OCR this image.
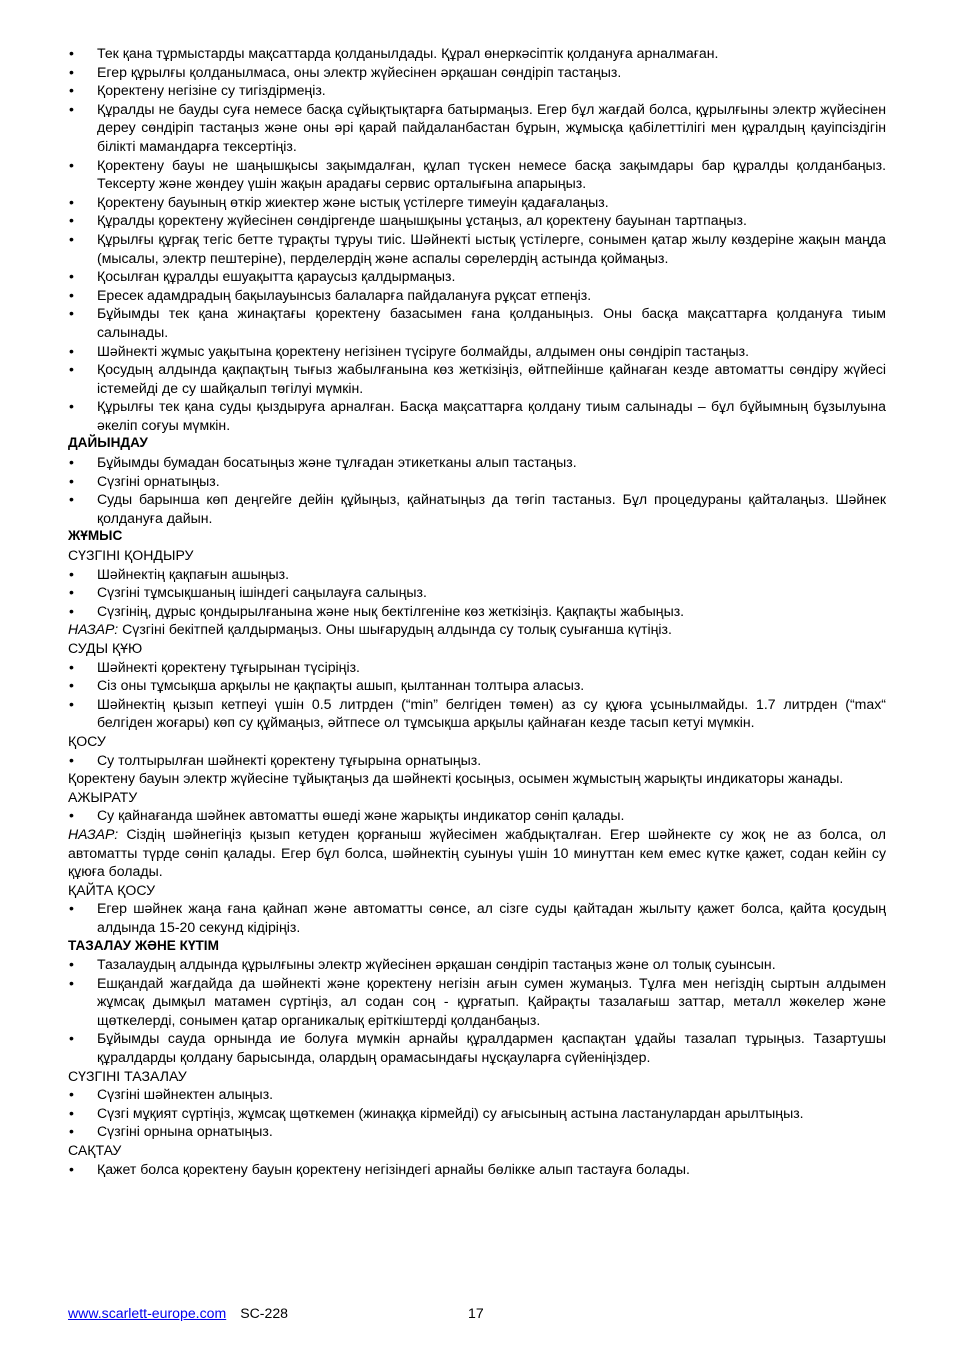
• Тек қана тұрмыстарды мақсаттарда қолданылдады. Құрал өнеркәсіптік қолдануға арналмаған.
• Егер құрылғы қолданылмаса, оны электр жүйесінен әрқашан сөндіріп тастаңыз.
• Қоректену негізіне су тигіздірмеңіз.
• Құралды не бауды суға немесе басқа сұйықтықтарға батырмаңыз. Егер бұл жағдай болса, құрылғыны электр жүйесінен дереу сөндіріп тастаңыз және оны әрі қарай пайдаланбастан бұрын, жұмысқа қабілеттілігі мен құралдың қауіпсіздігін білікті мамандарға тексертіңіз.
• Қоректену бауы не шаңышқысы зақымдалған, құлап түскен немесе басқа зақымдары бар құралды қолданбаңыз. Тексерту және жөндеу үшін жақын арадағы сервис орталығына апарыңыз.
• Қоректену бауының өткір жиектер және ыстық үстілерге тимеуін қадағалаңыз.
• Құралды қоректену жүйесінен сөндіргенде шаңышқыны ұстаңыз, ал қоректену бауынан тартпаңыз.
• Құрылғы құрғақ тегіс бетте тұрақты тұруы тиіс. Шәйнекті ыстық үстілерге, сонымен қатар жылу көздеріне жақын маңда (мысалы, электр пештеріне), перделердің және аспалы сөрелердің астында қоймаңыз.
• Қосылған құралды ешуақытта қараусыз қалдырмаңыз.
• Ересек адамдрадың бақылауынсыз балаларға пайдалануға рұқсат етпеңіз.
• Бұйымды тек қана жинақтағы қоректену базасымен ғана қолданыңыз. Оны басқа мақсаттарға қолдануға тиым салынады.
• Шәйнекті жұмыс уақытына қоректену негізінен түсіруге болмайды, алдымен оны сөндіріп тастаңыз.
• Қосудың алдында қақпақтың тығыз жабылғанына көз жеткізіңіз, өйтпейінше қайнаған кезде автоматты сөндіру жүйесі істемейді де су шайқалып төгілуі мүмкін.
• Құрылғы тек қана суды қыздыруға арналған. Басқа мақсаттарға қолдану тиым салынады – бұл бұйымның бұзылуына әкеліп соғуы мүмкін.
ДАЙЫНДАУ
• Бұйымды бумадан босатыңыз және тұлғадан этикетканы алып тастаңыз.
• Сүзгіні орнатыңыз.
• Суды барынша көп деңгейге дейін құйыңыз, қайнатыңыз да төгіп тастаныз. Бұл процедураны қайталаңыз. Шәйнек қолдануға дайын.
ЖҰМЫС
СҮЗГІНІ ҚОНДЫРУ
• Шәйнектің қақпағын ашыңыз.
• Сүзгіні тұмсықшаның ішіндегі саңылауға салыңыз.
• Сүзгінің, дұрыс қондырылғанына және нық бектілгеніне көз жеткізіңіз. Қақпақты жабыңыз.
НАЗАР: Сүзгіні бекітпей қалдырмаңыз. Оны шығарудың алдында су толық суығанша күтіңіз.
СУДЫ ҚҰЮ
• Шәйнекті қоректену тұғырынан түсіріңіз.
• Сіз оны тұмсықша арқылы не қақпақты ашып, қылтаннан толтыра аласыз.
• Шәйнектің қызып кетпеуі үшін 0.5 литрден (“min” белгіден төмен) аз су құюға ұсынылмайды. 1.7 литрден (“max“ белгіден жоғары) көп су құймаңыз, әйтпесе ол тұмсықша арқылы қайнаған кезде тасып кетуі мүмкін.
ҚОСУ
• Су толтырылған шәйнекті қоректену тұғырына орнатыңыз.
Қоректену бауын электр жүйесіне тұйықтаңыз да шәйнекті қосыңыз, осымен жұмыстың жарықты индикаторы жанады.
АЖЫРАТУ
• Су қайнағанда шәйнек автоматты өшеді және жарықты индикатор сөніп қалады.
НАЗАР: Сіздің шәйнегіңіз қызып кетуден қорғаныш жүйесімен жабдықталған. Егер шәйнекте су жоқ не аз болса, ол автоматты түрде сөніп қалады. Егер бұл болса, шәйнектің суынуы үшін 10 минуттан кем емес күтке қажет, содан кейін су құюға болады.
ҚАЙТА ҚОСУ
• Егер шәйнек жаңа ғана қайнап және автоматты сөнсе, ал сізге суды қайтадан жылыту қажет болса, қайта қосудың алдында 15-20 секунд кідіріңіз.
ТАЗАЛАУ ЖӘНЕ КҮТІМ
• Тазалаудың алдында құрылғыны электр жүйесінен әрқашан сөндіріп тастаңыз және ол толық суынсын.
• Ешқандай жағдайда да шәйнекті және қоректену негізін ағын сумен жумаңыз. Тұлға мен негіздің сыртын алдымен жұмсақ дымқыл матамен сүртіңіз, ал содан соң - құрғатып. Қайрақты тазалағыш заттар, металл жөкелер және щөткелерді, сонымен қатар органикалық еріткіштерді қолданбаңыз.
• Бұйымды сауда орнында ие болуға мүмкін арнайы құралдармен қаспақтан ұдайы тазалап тұрыңыз. Тазартушы құралдарды қолдану барысында, олардың орамасындағы нұсқауларға сүйеніңіздер.
СҮЗГІНІ ТАЗАЛАУ
• Сүзгіні шәйнектен алыңыз.
• Сүзгі мұқият сүртіңіз, жұмсақ щөткемен (жинаққа кірмейді) су ағысының астына ластанулардан арылтыңыз.
• Сүзгіні орнына орнатыңыз.
САҚТАУ
• Қажет болса қоректену бауын қоректену негізіндегі арнайы бөлікке алып тастауға болады.
www.scarlett-europe.com SC-228	17
